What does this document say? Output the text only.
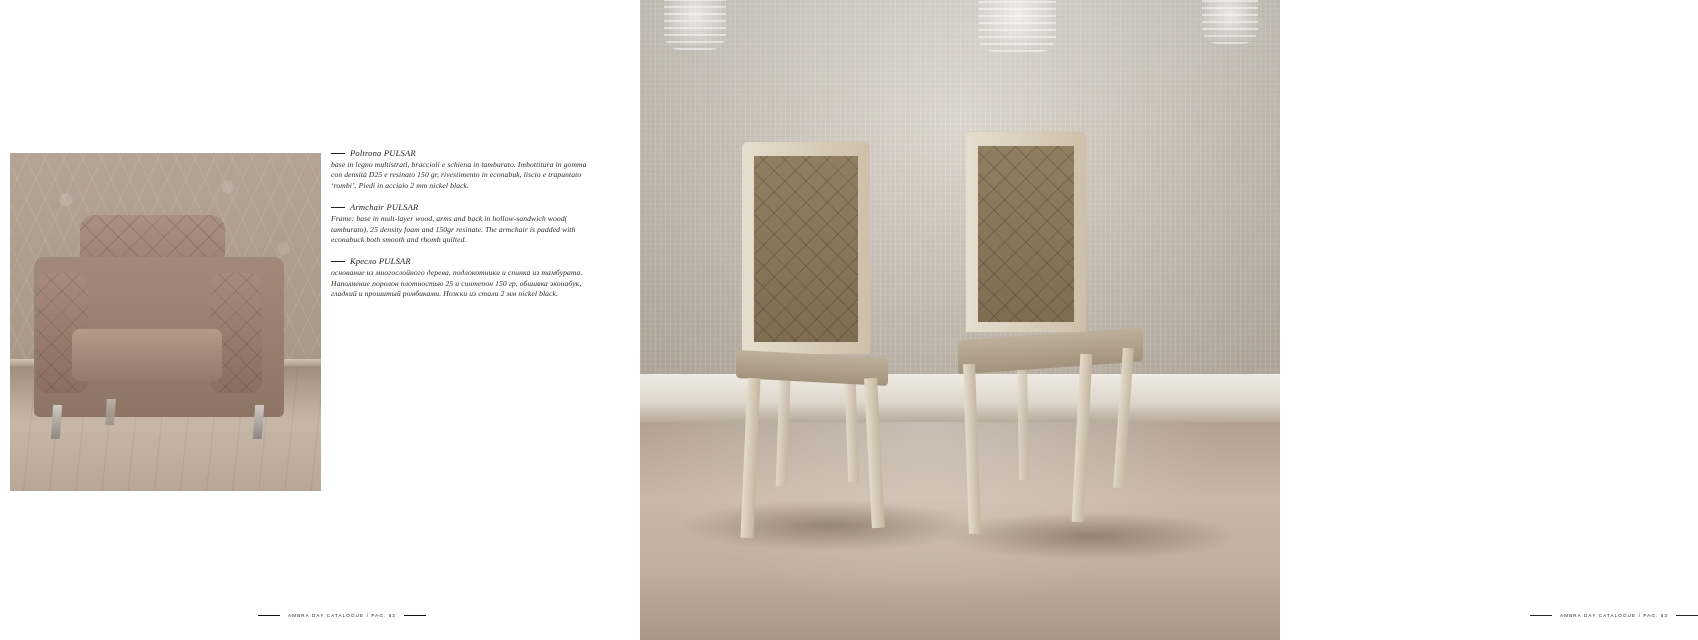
Poltrona PULSAR

base in legno multistrati, braccioli e schiena in tamburato. Imbottitura in gomma con densità D25 e resinato 150 gr, rivestimento in econabuk, liscio e trapuntato ‘rombi’. Piedi in acciaio 2 mm nickel black.

Armchair PULSAR

Frame: base in mult-layer wood, arms and back in hollow-sandwich wood( tamburato), 25 density foam and 150gr resinate. The armchair is padded with econabuck both smooth and rhomb quilted.

Кресло PULSAR

основание из многослойного дерева, подлокотники и спинка из тамбурата. Наполнение поролон плотностью 25 и синтепон 150 гр, обшивка эконабук, гладкий и прошитый ромбиками. Ножки из стали 2 мм nickel black.

AMBRA DAY CATALOGUE / PAG. 52	AMBRA DAY CATALOGUE / PAG. 53
